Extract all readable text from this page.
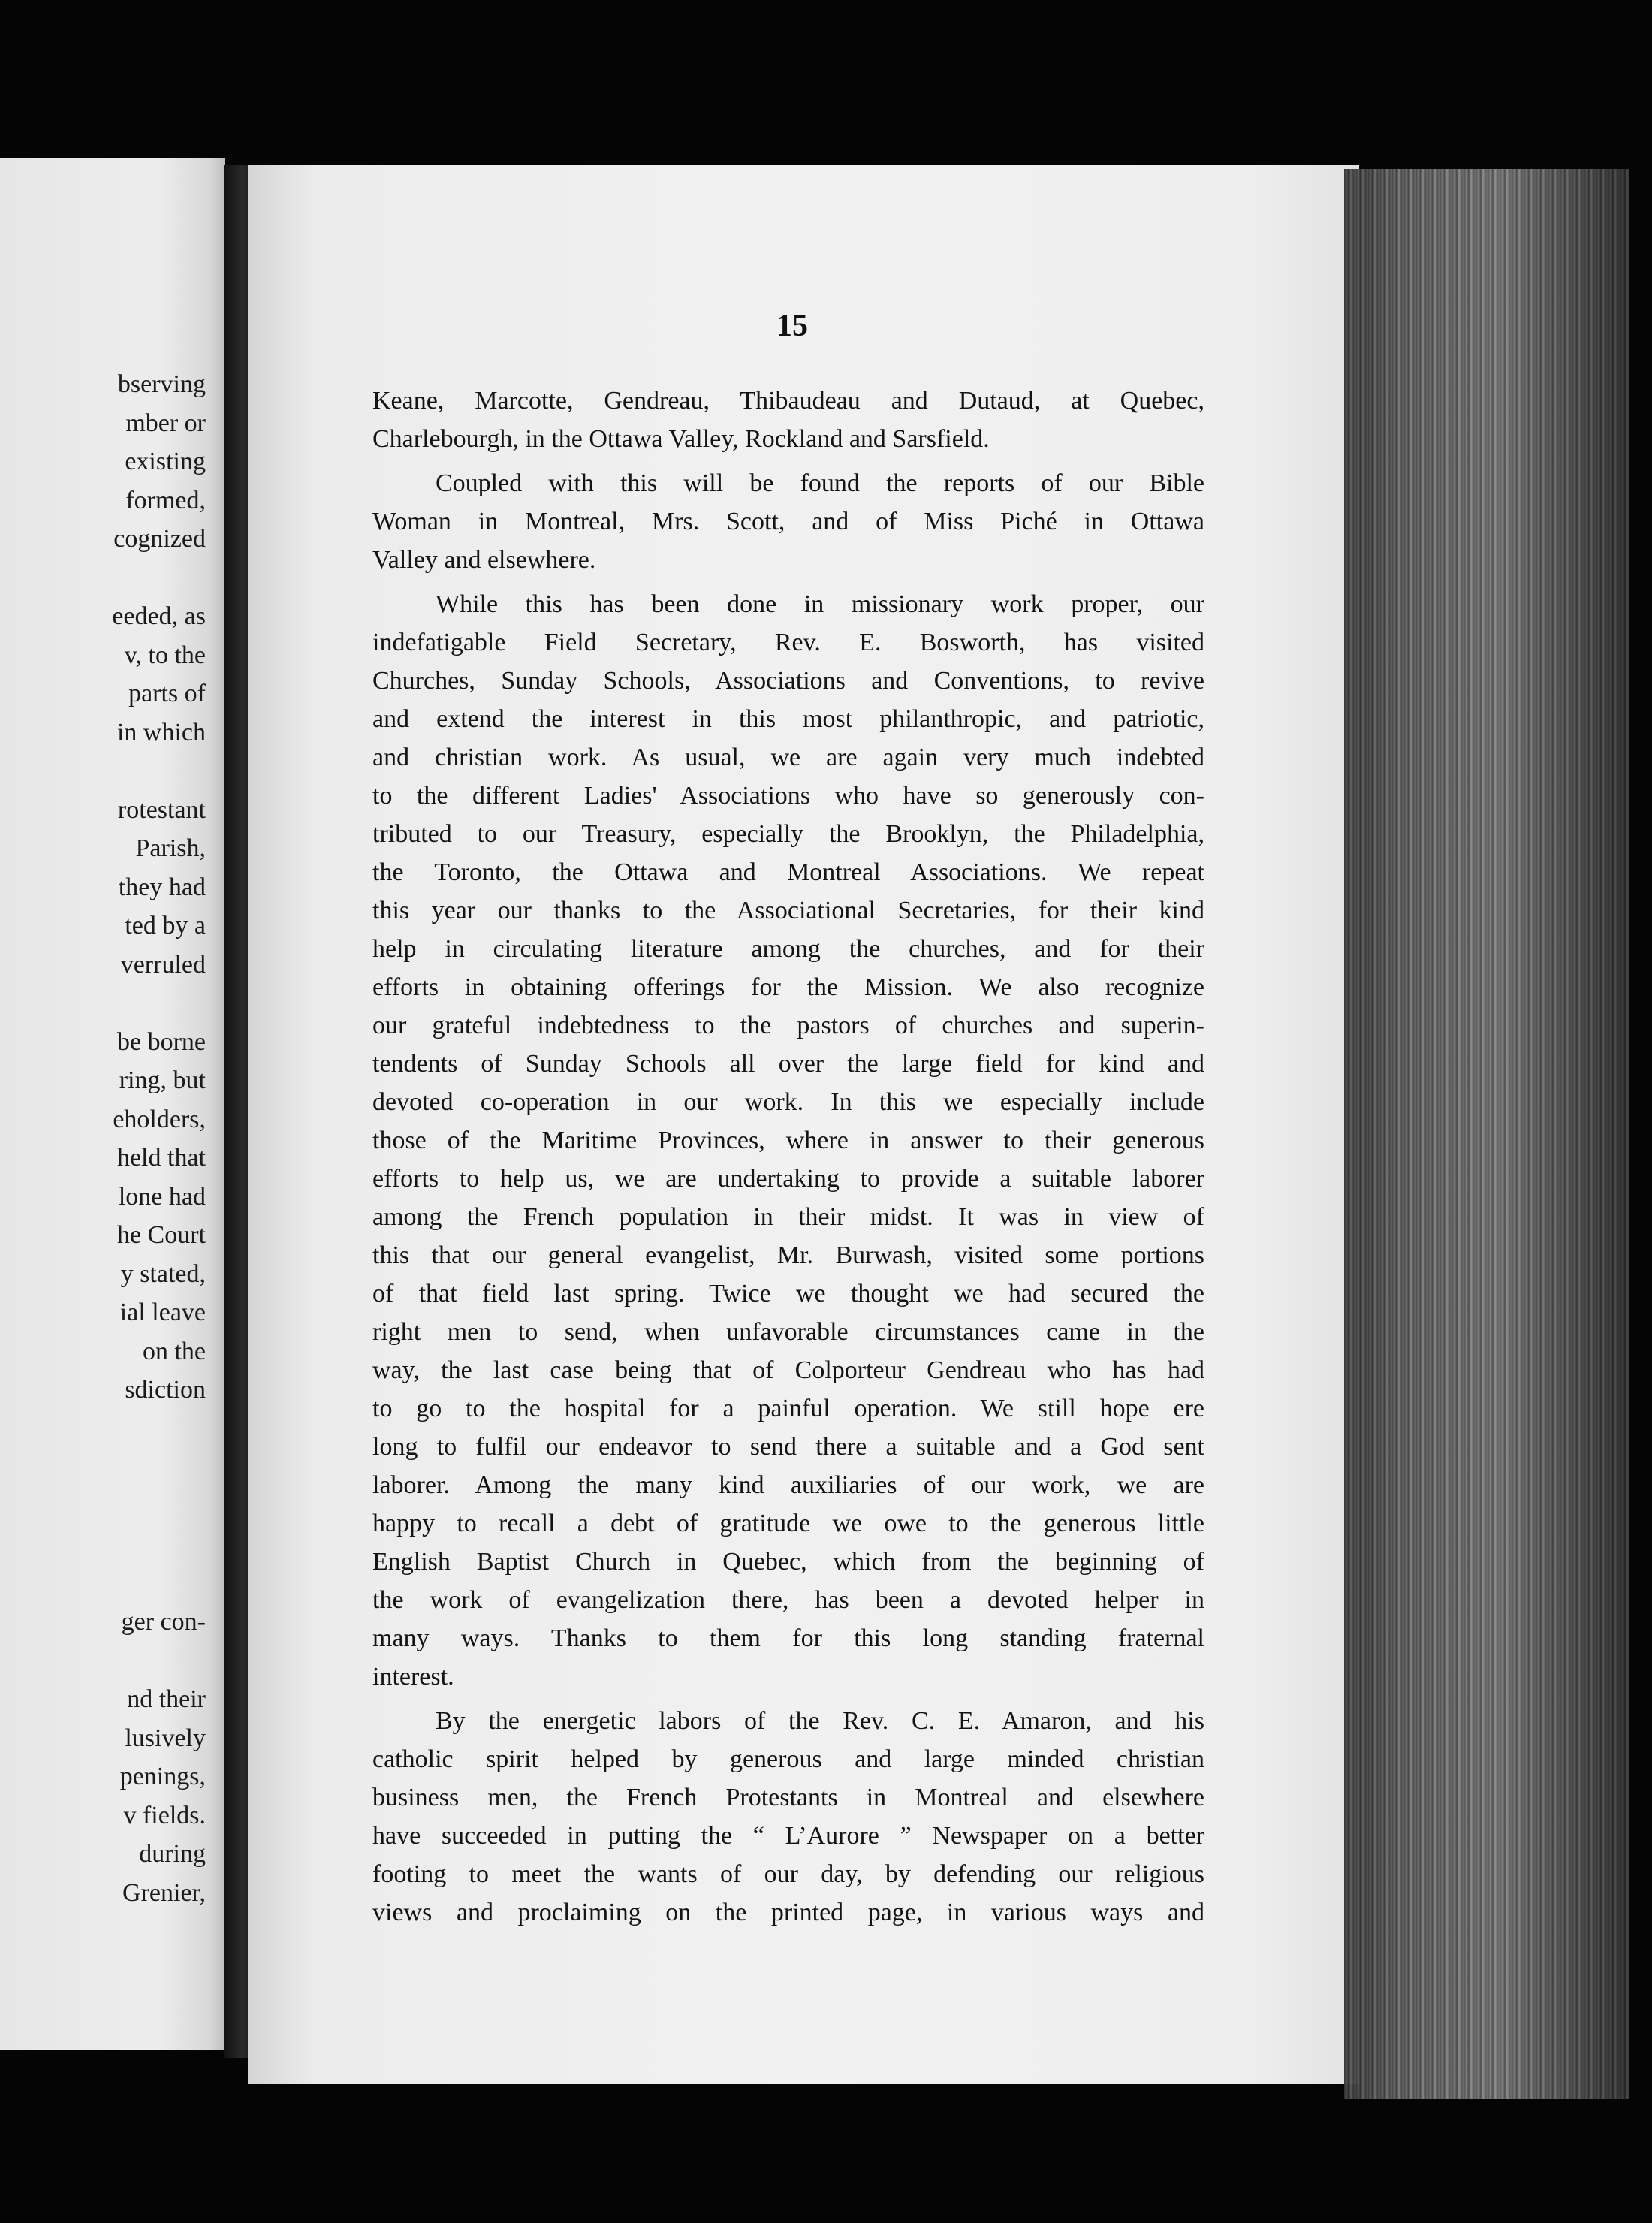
bserving

mber or

existing

formed,

cognized

eeded, as

v, to the

parts of

in which

rotestant

Parish,

they had

ted by a

verruled

be borne

ring, but

eholders,

held that

lone had

he Court

y stated,

ial leave

on the

sdiction

ger con-

nd their

lusively

penings,

v fields.

during

Grenier,

15

Keane, Marcotte, Gendreau, Thibaudeau and Dutaud, at Quebec,

Charlebourgh, in the Ottawa Valley, Rockland and Sarsfield.

Coupled with this will be found the reports of our Bible

Woman in Montreal, Mrs. Scott, and of Miss Piché in Ottawa

Valley and elsewhere.

While this has been done in missionary work proper, our

indefatigable Field Secretary, Rev. E. Bosworth, has visited

Churches, Sunday Schools, Associations and Conventions, to revive

and extend the interest in this most philanthropic, and patriotic,

and christian work. As usual, we are again very much indebted

to the different Ladies' Associations who have so generously con-

tributed to our Treasury, especially the Brooklyn, the Philadelphia,

the Toronto, the Ottawa and Montreal Associations. We repeat

this year our thanks to the Associational Secretaries, for their kind

help in circulating literature among the churches, and for their

efforts in obtaining offerings for the Mission. We also recognize

our grateful indebtedness to the pastors of churches and superin-

tendents of Sunday Schools all over the large field for kind and

devoted co-operation in our work. In this we especially include

those of the Maritime Provinces, where in answer to their generous

efforts to help us, we are undertaking to provide a suitable laborer

among the French population in their midst. It was in view of

this that our general evangelist, Mr. Burwash, visited some portions

of that field last spring. Twice we thought we had secured the

right men to send, when unfavorable circumstances came in the

way, the last case being that of Colporteur Gendreau who has had

to go to the hospital for a painful operation. We still hope ere

long to fulfil our endeavor to send there a suitable and a God sent

laborer. Among the many kind auxiliaries of our work, we are

happy to recall a debt of gratitude we owe to the generous little

English Baptist Church in Quebec, which from the beginning of

the work of evangelization there, has been a devoted helper in

many ways. Thanks to them for this long standing fraternal

interest.

By the energetic labors of the Rev. C. E. Amaron, and his

catholic spirit helped by generous and large minded christian

business men, the French Protestants in Montreal and elsewhere

have succeeded in putting the “ L’Aurore ” Newspaper on a better

footing to meet the wants of our day, by defending our religious

views and proclaiming on the printed page, in various ways and
